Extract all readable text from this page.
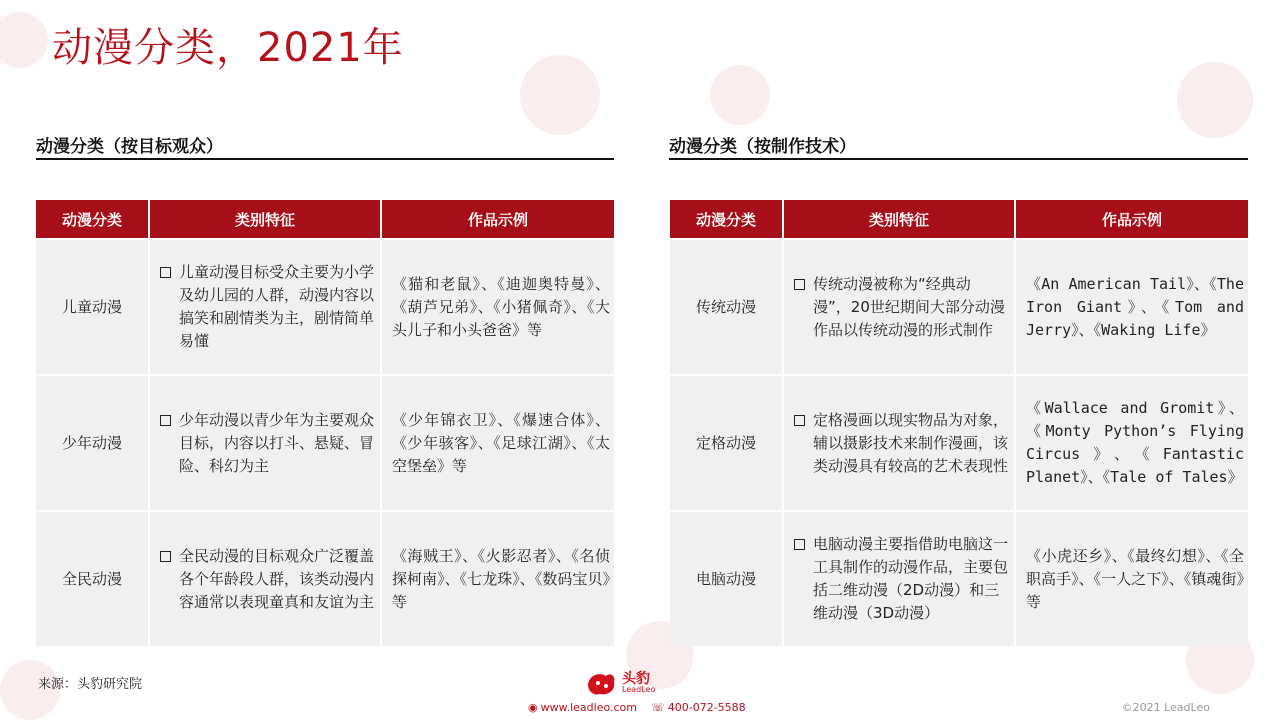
动漫分类，2021年
动漫分类（按目标观众）
动漫分类	类别特征	作品示例
儿童动漫	儿童动漫目标受众主要为小学及幼儿园的人群，动漫内容以搞笑和剧情类为主，剧情简单易懂	《猫和老鼠》、《迪迦奥特曼》、《葫芦兄弟》、《小猪佩奇》、《大头儿子和小头爸爸》等
少年动漫	少年动漫以青少年为主要观众目标，内容以打斗、悬疑、冒险、科幻为主	《少年锦衣卫》、《爆速合体》、《少年骇客》、《足球江湖》、《太空堡垒》等
全民动漫	全民动漫的目标观众广泛覆盖各个年龄段人群，该类动漫内容通常以表现童真和友谊为主	《海贼王》、《火影忍者》、《名侦探柯南》、《七龙珠》、《数码宝贝》等
动漫分类（按制作技术）
动漫分类	类别特征	作品示例
传统动漫	传统动漫被称为“经典动漫”，20世纪期间大部分动漫作品以传统动漫的形式制作	《An American Tail》、《The Iron Giant》、《Tom and Jerry》、《Waking Life》
定格动漫	定格漫画以现实物品为对象，辅以摄影技术来制作漫画，该类动漫具有较高的艺术表现性	《Wallace and Gromit》、《Monty Python’s Flying Circus》、《Fantastic Planet》、《Tale of Tales》
电脑动漫	电脑动漫主要指借助电脑这一工具制作的动漫作品，主要包括二维动漫（2D动漫）和三维动漫（3D动漫）	《小虎还乡》、《最终幻想》、《全职高手》、《一人之下》、《镇魂街》等
来源：头豹研究院	头豹
LeadLeo
◉ www.leadleo.com ☏ 400-072-5588	©2021 LeadLeo
